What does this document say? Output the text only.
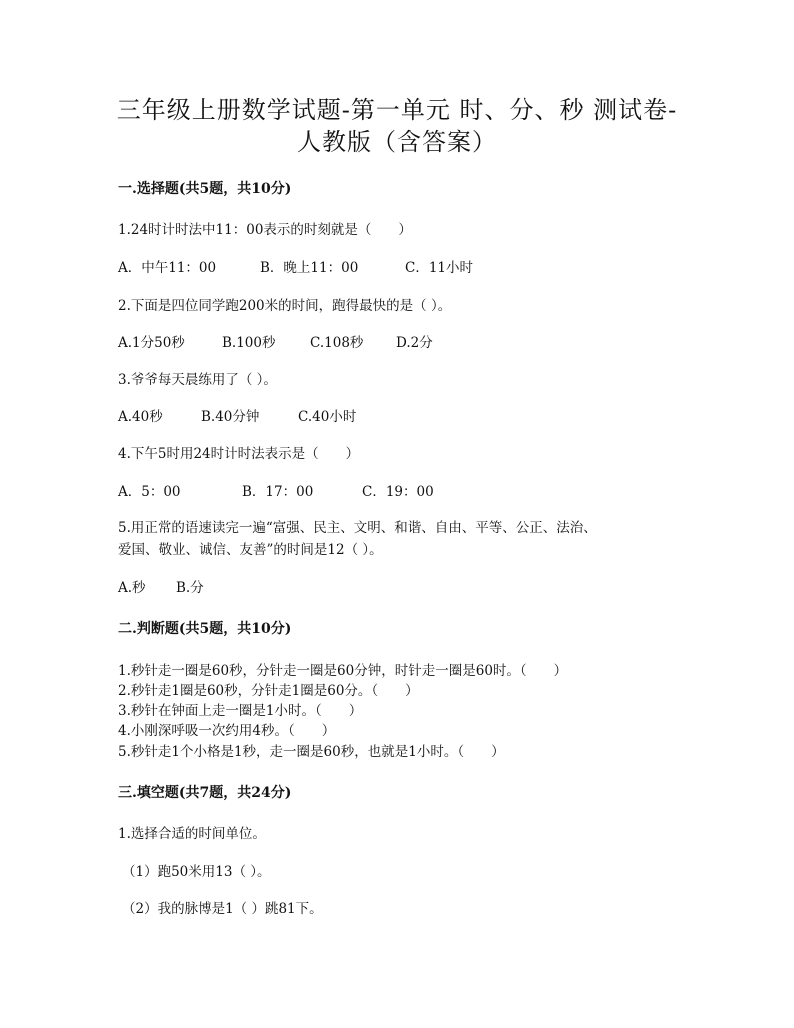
三年级上册数学试题-第一单元 时、分、秒 测试卷-
人教版（含答案）
一.选择题(共5题，共10分)
1.24时计时法中11：00表示的时刻就是（　　）
A．中午11：00	B．晚上11：00	C．11小时
2.下面是四位同学跑200米的时间，跑得最快的是（ ）。
A.1分50秒	B.100秒	C.108秒 D.2分
3.爷爷每天晨练用了（ ）。
A.40秒	B.40分钟	C.40小时
4.下午5时用24时计时法表示是（　　）
A．5：00	B．17：00	C．19：00
5.用正常的语速读完一遍“富强、民主、文明、和谐、自由、平等、公正、法治、
爱国、敬业、诚信、友善”的时间是12（ ）。
A.秒 B.分
二.判断题(共5题，共10分)
1.秒针走一圈是60秒，分针走一圈是60分钟，时针走一圈是60时。（　　）
2.秒针走1圈是60秒，分针走1圈是60分。（　　）
3.秒针在钟面上走一圈是1小时。（　　）
4.小刚深呼吸一次约用4秒。（　　）
5.秒针走1个小格是1秒，走一圈是60秒，也就是1小时。（　　）
三.填空题(共7题，共24分)
1.选择合适的时间单位。
（1）跑50米用13（ ）。
（2）我的脉博是1（ ）跳81下。
